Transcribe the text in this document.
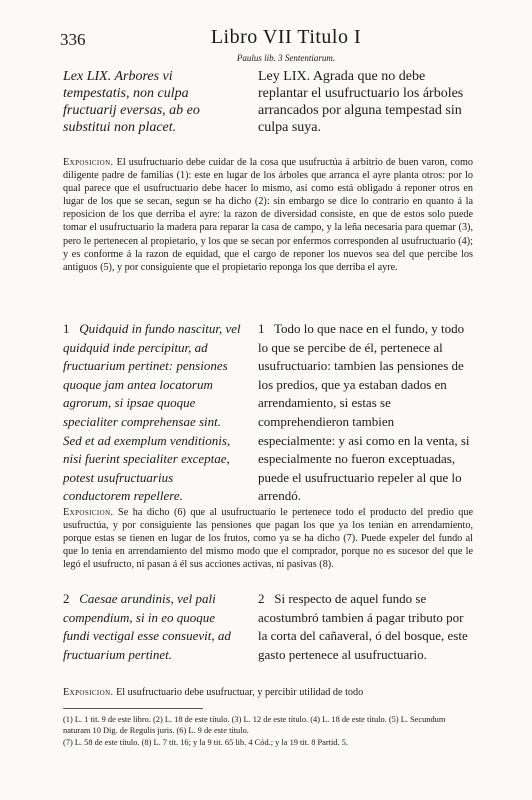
336	Libro VII Titulo I
Paulus lib. 3 Sententiarum.
Lex LIX. Arbores vi tempestatis, non culpa fructuarij eversas, ab eo substitui non placet.
Ley LIX. Agrada que no debe replantar el usufructuario los árboles arrancados por alguna tempestad sin culpa suya.
Exposicion. El usufructuario debe cuidar de la cosa que usufructúa á arbitrio de buen varon, como diligente padre de familias (1): este en lugar de los árboles que arranca el ayre planta otros: por lo qual parece que el usufructuario debe hacer lo mismo, así como está obligado á reponer otros en lugar de los que se secan, segun se ha dicho (2): sin embargo se dice lo contrario en quanto á la reposicion de los que derriba el ayre: la razon de diversidad consiste, en que de estos solo puede tomar el usufructuario la madera para reparar la casa de campo, y la leña necesaria para quemar (3), pero le pertenecen al propietario, y los que se secan por enfermos corresponden al usufructuario (4); y es conforme á la razon de equidad, que el cargo de reponer los nuevos sea del que percibe los antiguos (5), y por consiguiente que el propietario reponga los que derriba el ayre.
1 Quidquid in fundo nascitur, vel quidquid inde percipitur, ad fructuarium pertinet: pensiones quoque jam antea locatorum agrorum, si ipsae quoque specialiter comprehensae sint. Sed et ad exemplum venditionis, nisi fuerint specialiter exceptae, potest usufructuarius conductorem repellere.
1 Todo lo que nace en el fundo, y todo lo que se percibe de él, pertenece al usufructuario: tambien las pensiones de los predios, que ya estaban dados en arrendamiento, si estas se comprehendieron tambien especialmente: y asi como en la venta, si especialmente no fueron exceptuadas, puede el usufructuario repeler al que lo arrendó.
Exposicion. Se ha dicho (6) que al usufructuario le pertenece todo el producto del predio que usufructúa, y por consiguiente las pensiones que pagan los que ya los tenian en arrendamiento, porque estas se tienen en lugar de los frutos, como ya se ha dicho (7). Puede expeler del fundo al que lo tenia en arrendamiento del mismo modo que el comprador, porque no es sucesor del que le legó el usufructo, ni pasan á él sus acciones activas, ni pasivas (8).
2 Caesae arundinis, vel pali compendium, si in eo quoque fundi vectigal esse consuevit, ad fructuarium pertinet.
2 Si respecto de aquel fundo se acostumbró tambien á pagar tributo por la corta del cañaveral, ó del bosque, este gasto pertenece al usufructuario.
Exposicion. El usufructuario debe usufructuar, y percibir utilidad de todo
(1) L. 1 tit. 9 de este libro. (2) L. 18 de este título. (3) L. 12 de este título. (4) L. 18 de este título. (5) L. Secundum naturam 10 Dig. de Regulis juris. (6) L. 9 de este título.
(7) L. 58 de este título. (8) L. 7 tit. 16; y la 9 tit. 65 lib. 4 Cód.; y la 19 tit. 8 Partid. 5.
